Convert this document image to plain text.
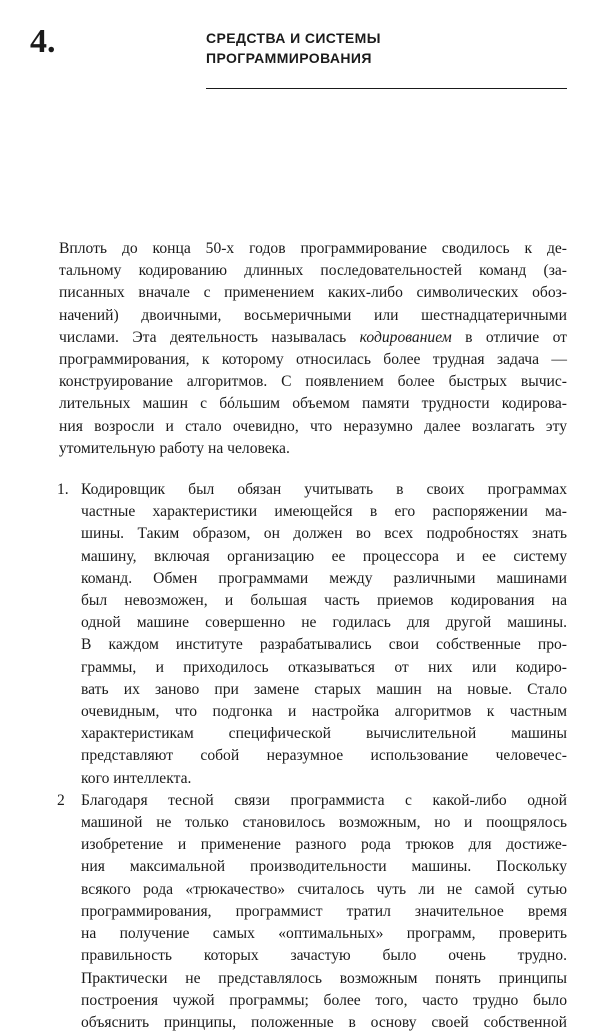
4.	СРЕДСТВА И СИСТЕМЫ
ПРОГРАММИРОВАНИЯ

Вплоть до конца 50-х годов программирование сводилось к де-
тальному кодированию длинных последовательностей команд (за-
писанных вначале с применением каких-либо символических обоз-
начений) двоичными, восьмеричными или шестнадцатеричными
числами. Эта деятельность называлась кодированием в отличие от
программирования, к которому относилась более трудная задача —
конструирование алгоритмов. С появлением более быстрых вычис-
лительных машин с бóльшим объемом памяти трудности кодирова-
ния возросли и стало очевидно, что неразумно далее возлагать эту
утомительную работу на человека.

1. Кодировщик был обязан учитывать в своих программах
частные характеристики имеющейся в его распоряжении ма-
шины. Таким образом, он должен во всех подробностях знать
машину, включая организацию ее процессора и ее систему
команд. Обмен программами между различными машинами
был невозможен, и большая часть приемов кодирования на
одной машине совершенно не годилась для другой машины.
В каждом институте разрабатывались свои собственные про-
граммы, и приходилось отказываться от них или кодиро-
вать их заново при замене старых машин на новые. Стало
очевидным, что подгонка и настройка алгоритмов к частным
характеристикам специфической вычислительной машины
представляют собой неразумное использование человечес-
кого интеллекта.
2 Благодаря тесной связи программиста с какой-либо одной
машиной не только становилось возможным, но и поощрялось
изобретение и применение разного рода трюков для достиже-
ния максимальной производительности машины. Поскольку
всякого рода «трюкачество» считалось чуть ли не самой сутью
программирования, программист тратил значительное время
на получение самых «оптимальных» программ, проверить
правильность которых зачастую было очень трудно.
Практически не представлялось возможным понять принципы
построения чужой программы; более того, часто трудно было
объяснить принципы, положенные в основу своей собственной
